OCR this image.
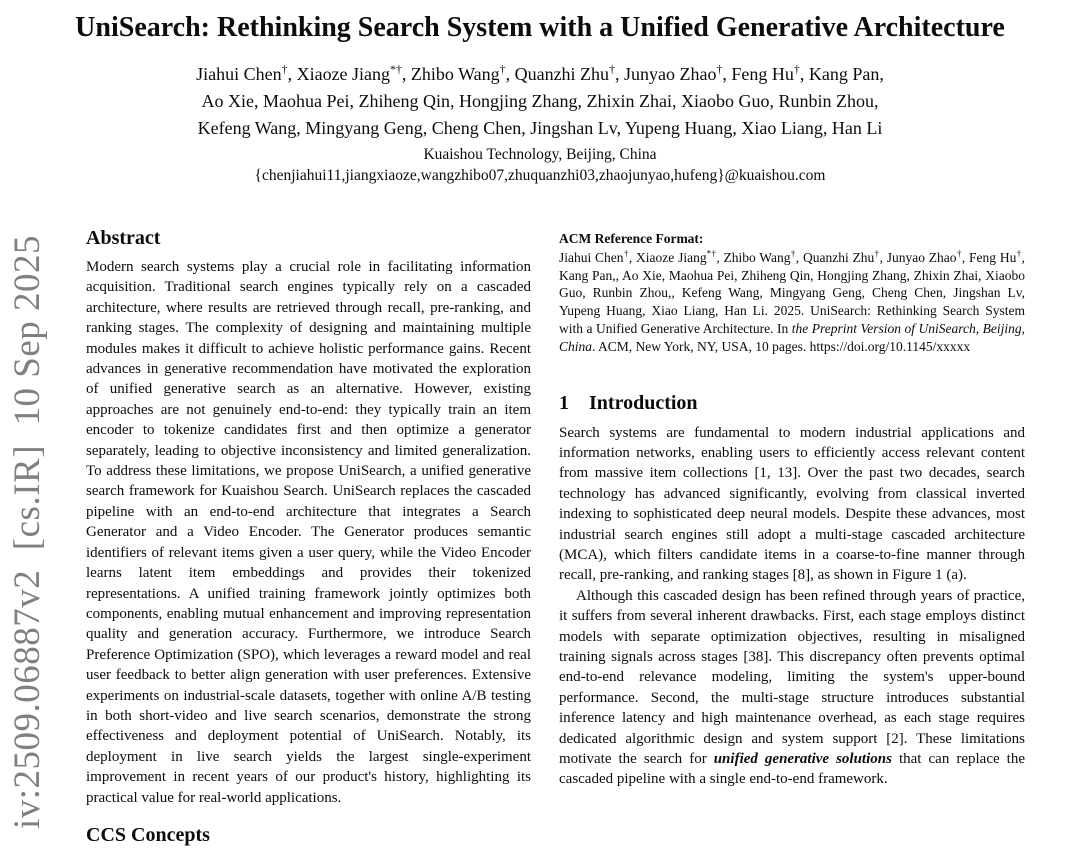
iv:2509.06887v2  [cs.IR]  10 Sep 2025
UniSearch: Rethinking Search System with a Unified Generative Architecture
Jiahui Chen†, Xiaoze Jiang*†, Zhibo Wang†, Quanzhi Zhu†, Junyao Zhao†, Feng Hu†, Kang Pan,
Ao Xie, Maohua Pei, Zhiheng Qin, Hongjing Zhang, Zhixin Zhai, Xiaobo Guo, Runbin Zhou,
Kefeng Wang, Mingyang Geng, Cheng Chen, Jingshan Lv, Yupeng Huang, Xiao Liang, Han Li
Kuaishou Technology, Beijing, China
{chenjiahui11,jiangxiaoze,wangzhibo07,zhuquanzhi03,zhaojunyao,hufeng}@kuaishou.com
Abstract

Modern search systems play a crucial role in facilitating information acquisition. Traditional search engines typically rely on a cascaded architecture, where results are retrieved through recall, pre-ranking, and ranking stages. The complexity of designing and maintaining multiple modules makes it difficult to achieve holistic performance gains. Recent advances in generative recommendation have motivated the exploration of unified generative search as an alternative. However, existing approaches are not genuinely end-to-end: they typically train an item encoder to tokenize candidates first and then optimize a generator separately, leading to objective inconsistency and limited generalization. To address these limitations, we propose UniSearch, a unified generative search framework for Kuaishou Search. UniSearch replaces the cascaded pipeline with an end-to-end architecture that integrates a Search Generator and a Video Encoder. The Generator produces semantic identifiers of relevant items given a user query, while the Video Encoder learns latent item embeddings and provides their tokenized representations. A unified training framework jointly optimizes both components, enabling mutual enhancement and improving representation quality and generation accuracy. Furthermore, we introduce Search Preference Optimization (SPO), which leverages a reward model and real user feedback to better align generation with user preferences. Extensive experiments on industrial-scale datasets, together with online A/B testing in both short-video and live search scenarios, demonstrate the strong effectiveness and deployment potential of UniSearch. Notably, its deployment in live search yields the largest single-experiment improvement in recent years of our product's history, highlighting its practical value for real-world applications.

CCS Concepts

ACM Reference Format:

Jiahui Chen†, Xiaoze Jiang*†, Zhibo Wang†, Quanzhi Zhu†, Junyao Zhao†, Feng Hu†, Kang Pan,, Ao Xie, Maohua Pei, Zhiheng Qin, Hongjing Zhang, Zhixin Zhai, Xiaobo Guo, Runbin Zhou,, Kefeng Wang, Mingyang Geng, Cheng Chen, Jingshan Lv, Yupeng Huang, Xiao Liang, Han Li. 2025. UniSearch: Rethinking Search System with a Unified Generative Architecture. In the Preprint Version of UniSearch, Beijing, China. ACM, New York, NY, USA, 10 pages. https://doi.org/10.1145/xxxxx

1 Introduction

Search systems are fundamental to modern industrial applications and information networks, enabling users to efficiently access relevant content from massive item collections [1, 13]. Over the past two decades, search technology has advanced significantly, evolving from classical inverted indexing to sophisticated deep neural models. Despite these advances, most industrial search engines still adopt a multi-stage cascaded architecture (MCA), which filters candidate items in a coarse-to-fine manner through recall, pre-ranking, and ranking stages [8], as shown in Figure 1 (a).

Although this cascaded design has been refined through years of practice, it suffers from several inherent drawbacks. First, each stage employs distinct models with separate optimization objectives, resulting in misaligned training signals across stages [38]. This discrepancy often prevents optimal end-to-end relevance modeling, limiting the system's upper-bound performance. Second, the multi-stage structure introduces substantial inference latency and high maintenance overhead, as each stage requires dedicated algorithmic design and system support [2]. These limitations motivate the search for unified generative solutions that can replace the cascaded pipeline with a single end-to-end framework.
